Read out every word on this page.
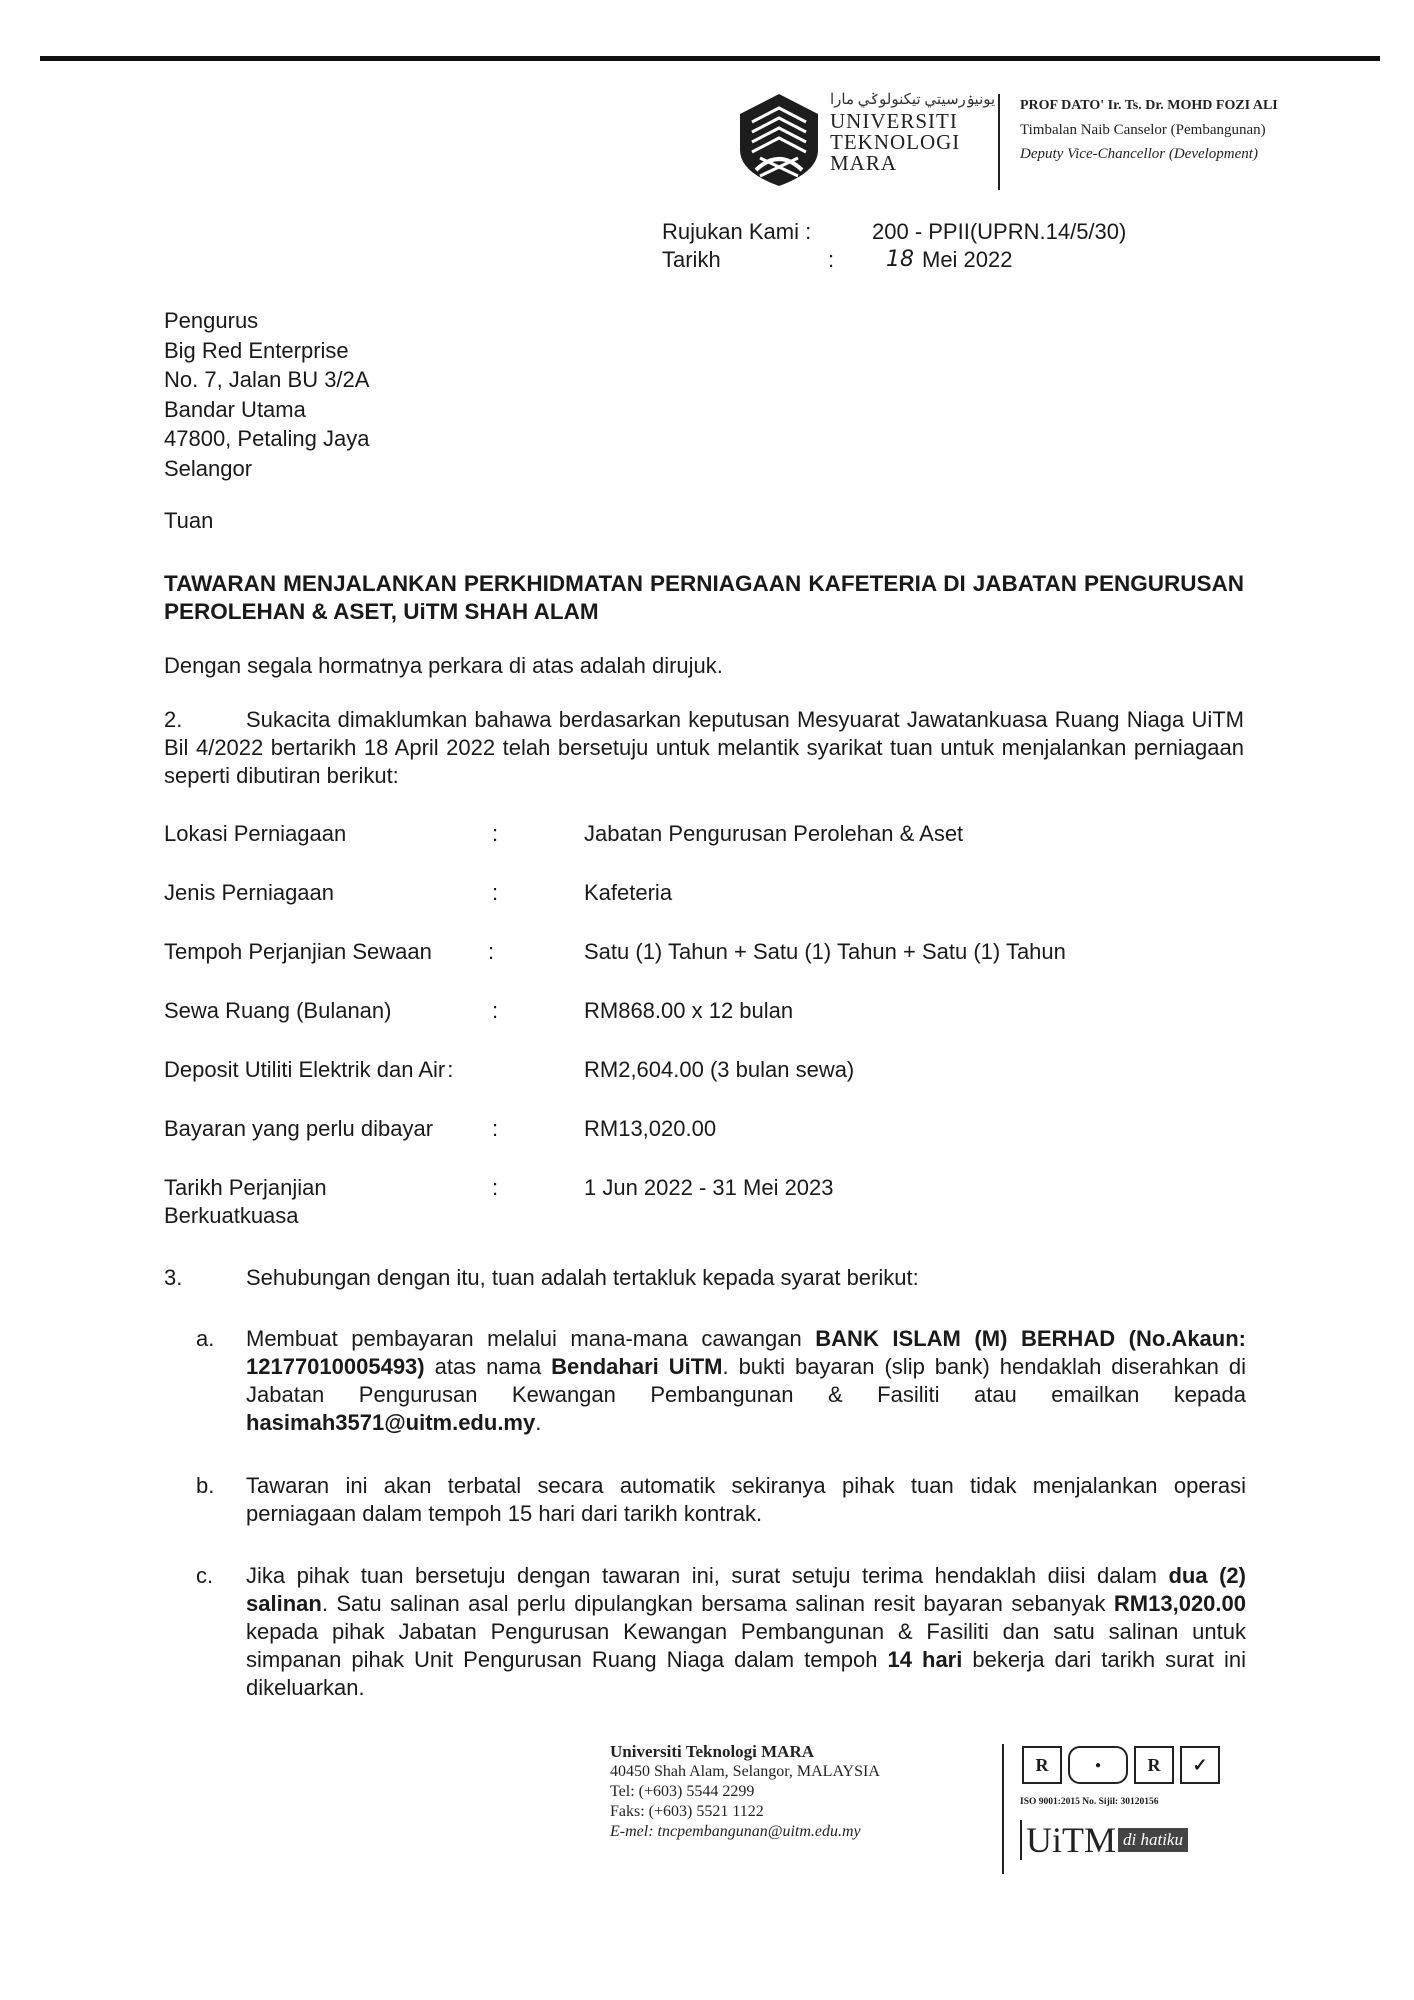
يونيۏرسيتي تيكنولوݢي مارا
UNIVERSITI
TEKNOLOGI
MARA
PROF DATO' Ir. Ts. Dr. MOHD FOZI ALI
Timbalan Naib Canselor (Pembangunan)
Deputy Vice-Chancellor (Development)
Rujukan Kami :	200 - PPII(UPRN.14/5/30)
Tarikh	:	18 Mei 2022
Pengurus
Big Red Enterprise
No. 7, Jalan BU 3/2A
Bandar Utama
47800, Petaling Jaya
Selangor
Tuan
TAWARAN MENJALANKAN PERKHIDMATAN PERNIAGAAN KAFETERIA DI JABATAN PENGURUSAN PEROLEHAN & ASET, UiTM SHAH ALAM
Dengan segala hormatnya perkara di atas adalah dirujuk.
2.	Sukacita dimaklumkan bahawa berdasarkan keputusan Mesyuarat Jawatankuasa Ruang Niaga UiTM Bil 4/2022 bertarikh 18 April 2022 telah bersetuju untuk melantik syarikat tuan untuk menjalankan perniagaan seperti dibutiran berikut:
Lokasi Perniagaan	:	Jabatan Pengurusan Perolehan & Aset
Jenis Perniagaan	:	Kafeteria
Tempoh Perjanjian Sewaan	:	Satu (1) Tahun + Satu (1) Tahun + Satu (1) Tahun
Sewa Ruang (Bulanan)	:	RM868.00 x 12 bulan
Deposit Utiliti Elektrik dan Air :	RM2,604.00 (3 bulan sewa)
Bayaran yang perlu dibayar	:	RM13,020.00
Tarikh Perjanjian Berkuatkuasa
:	1 Jun 2022 - 31 Mei 2023
3.	Sehubungan dengan itu, tuan adalah tertakluk kepada syarat berikut:
a.	Membuat pembayaran melalui mana-mana cawangan BANK ISLAM (M) BERHAD (No.Akaun: 12177010005493) atas nama Bendahari UiTM. bukti bayaran (slip bank) hendaklah diserahkan di Jabatan Pengurusan Kewangan Pembangunan & Fasiliti atau emailkan kepada hasimah3571@uitm.edu.my.
b.	Tawaran ini akan terbatal secara automatik sekiranya pihak tuan tidak menjalankan operasi perniagaan dalam tempoh 15 hari dari tarikh kontrak.
c.	Jika pihak tuan bersetuju dengan tawaran ini, surat setuju terima hendaklah diisi dalam dua (2) salinan. Satu salinan asal perlu dipulangkan bersama salinan resit bayaran sebanyak RM13,020.00 kepada pihak Jabatan Pengurusan Kewangan Pembangunan & Fasiliti dan satu salinan untuk simpanan pihak Unit Pengurusan Ruang Niaga dalam tempoh 14 hari bekerja dari tarikh surat ini dikeluarkan.
Universiti Teknologi MARA
40450 Shah Alam, Selangor, MALAYSIA
Tel: (+603) 5544 2299
Faks: (+603) 5521 1122
E-mel: tncpembangunan@uitm.edu.my
R	●	R	✓
ISO 9001:2015 No. Sijil: 30120156
UiTM di hatiku
